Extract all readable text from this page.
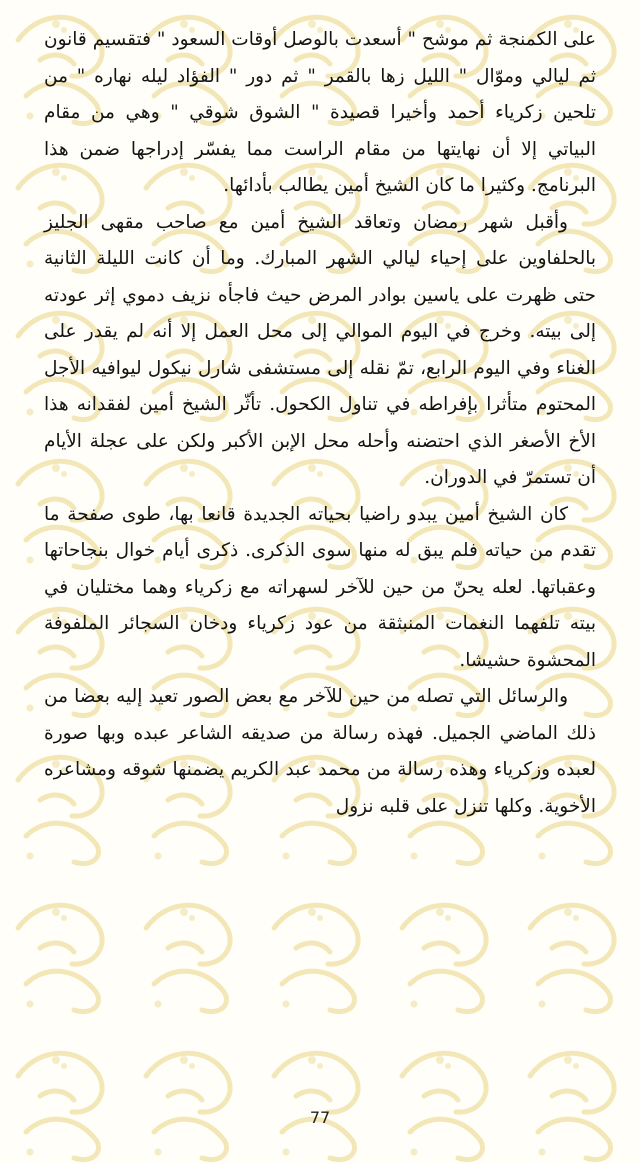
على الكمنجة ثم موشح " أسعدت بالوصل أوقات السعود " فتقسيم قانون ثم ليالي وموّال " الليل زها بالقمر " ثم دور " الفؤاد ليله نهاره " من تلحين زكرياء أحمد وأخيرا قصيدة " الشوق شوقي " وهي من مقام البياتي إلا أن نهايتها من مقام الراست مما يفسّر إدراجها ضمن هذا البرنامج. وكثيرا ما كان الشيخ أمين يطالب بأدائها.

وأقبل شهر رمضان وتعاقد الشيخ أمين مع صاحب مقهى الجليز بالحلفاوين على إحياء ليالي الشهر المبارك. وما أن كانت الليلة الثانية حتى ظهرت على ياسين بوادر المرض حيث فاجأه نزيف دموي إثر عودته إلى بيته. وخرج في اليوم الموالي إلى محل العمل إلا أنه لم يقدر على الغناء وفي اليوم الرابع، تمّ نقله إلى مستشفى شارل نيكول ليوافيه الأجل المحتوم متأثرا بإفراطه في تناول الكحول. تأثّر الشيخ أمين لفقدانه هذا الأخ الأصغر الذي احتضنه وأحله محل الإبن الأكبر ولكن على عجلة الأيام أن تستمرّ في الدوران.

كان الشيخ أمين يبدو راضيا بحياته الجديدة قانعا بها، طوى صفحة ما تقدم من حياته فلم يبق له منها سوى الذكرى. ذكرى أيام خوال بنجاحاتها وعقباتها. لعله يحنّ من حين للآخر لسهراته مع زكرياء وهما مختليان في بيته تلفهما النغمات المنبثقة من عود زكرياء ودخان السجائر الملفوفة المحشوة حشيشا.

والرسائل التي تصله من حين للآخر مع بعض الصور تعيد إليه بعضا من ذلك الماضي الجميل. فهذه رسالة من صديقه الشاعر عبده وبها صورة لعبده وزكرياء وهذه رسالة من محمد عبد الكريم يضمنها شوقه ومشاعره الأخوية. وكلها تنزل على قلبه نزول

77
